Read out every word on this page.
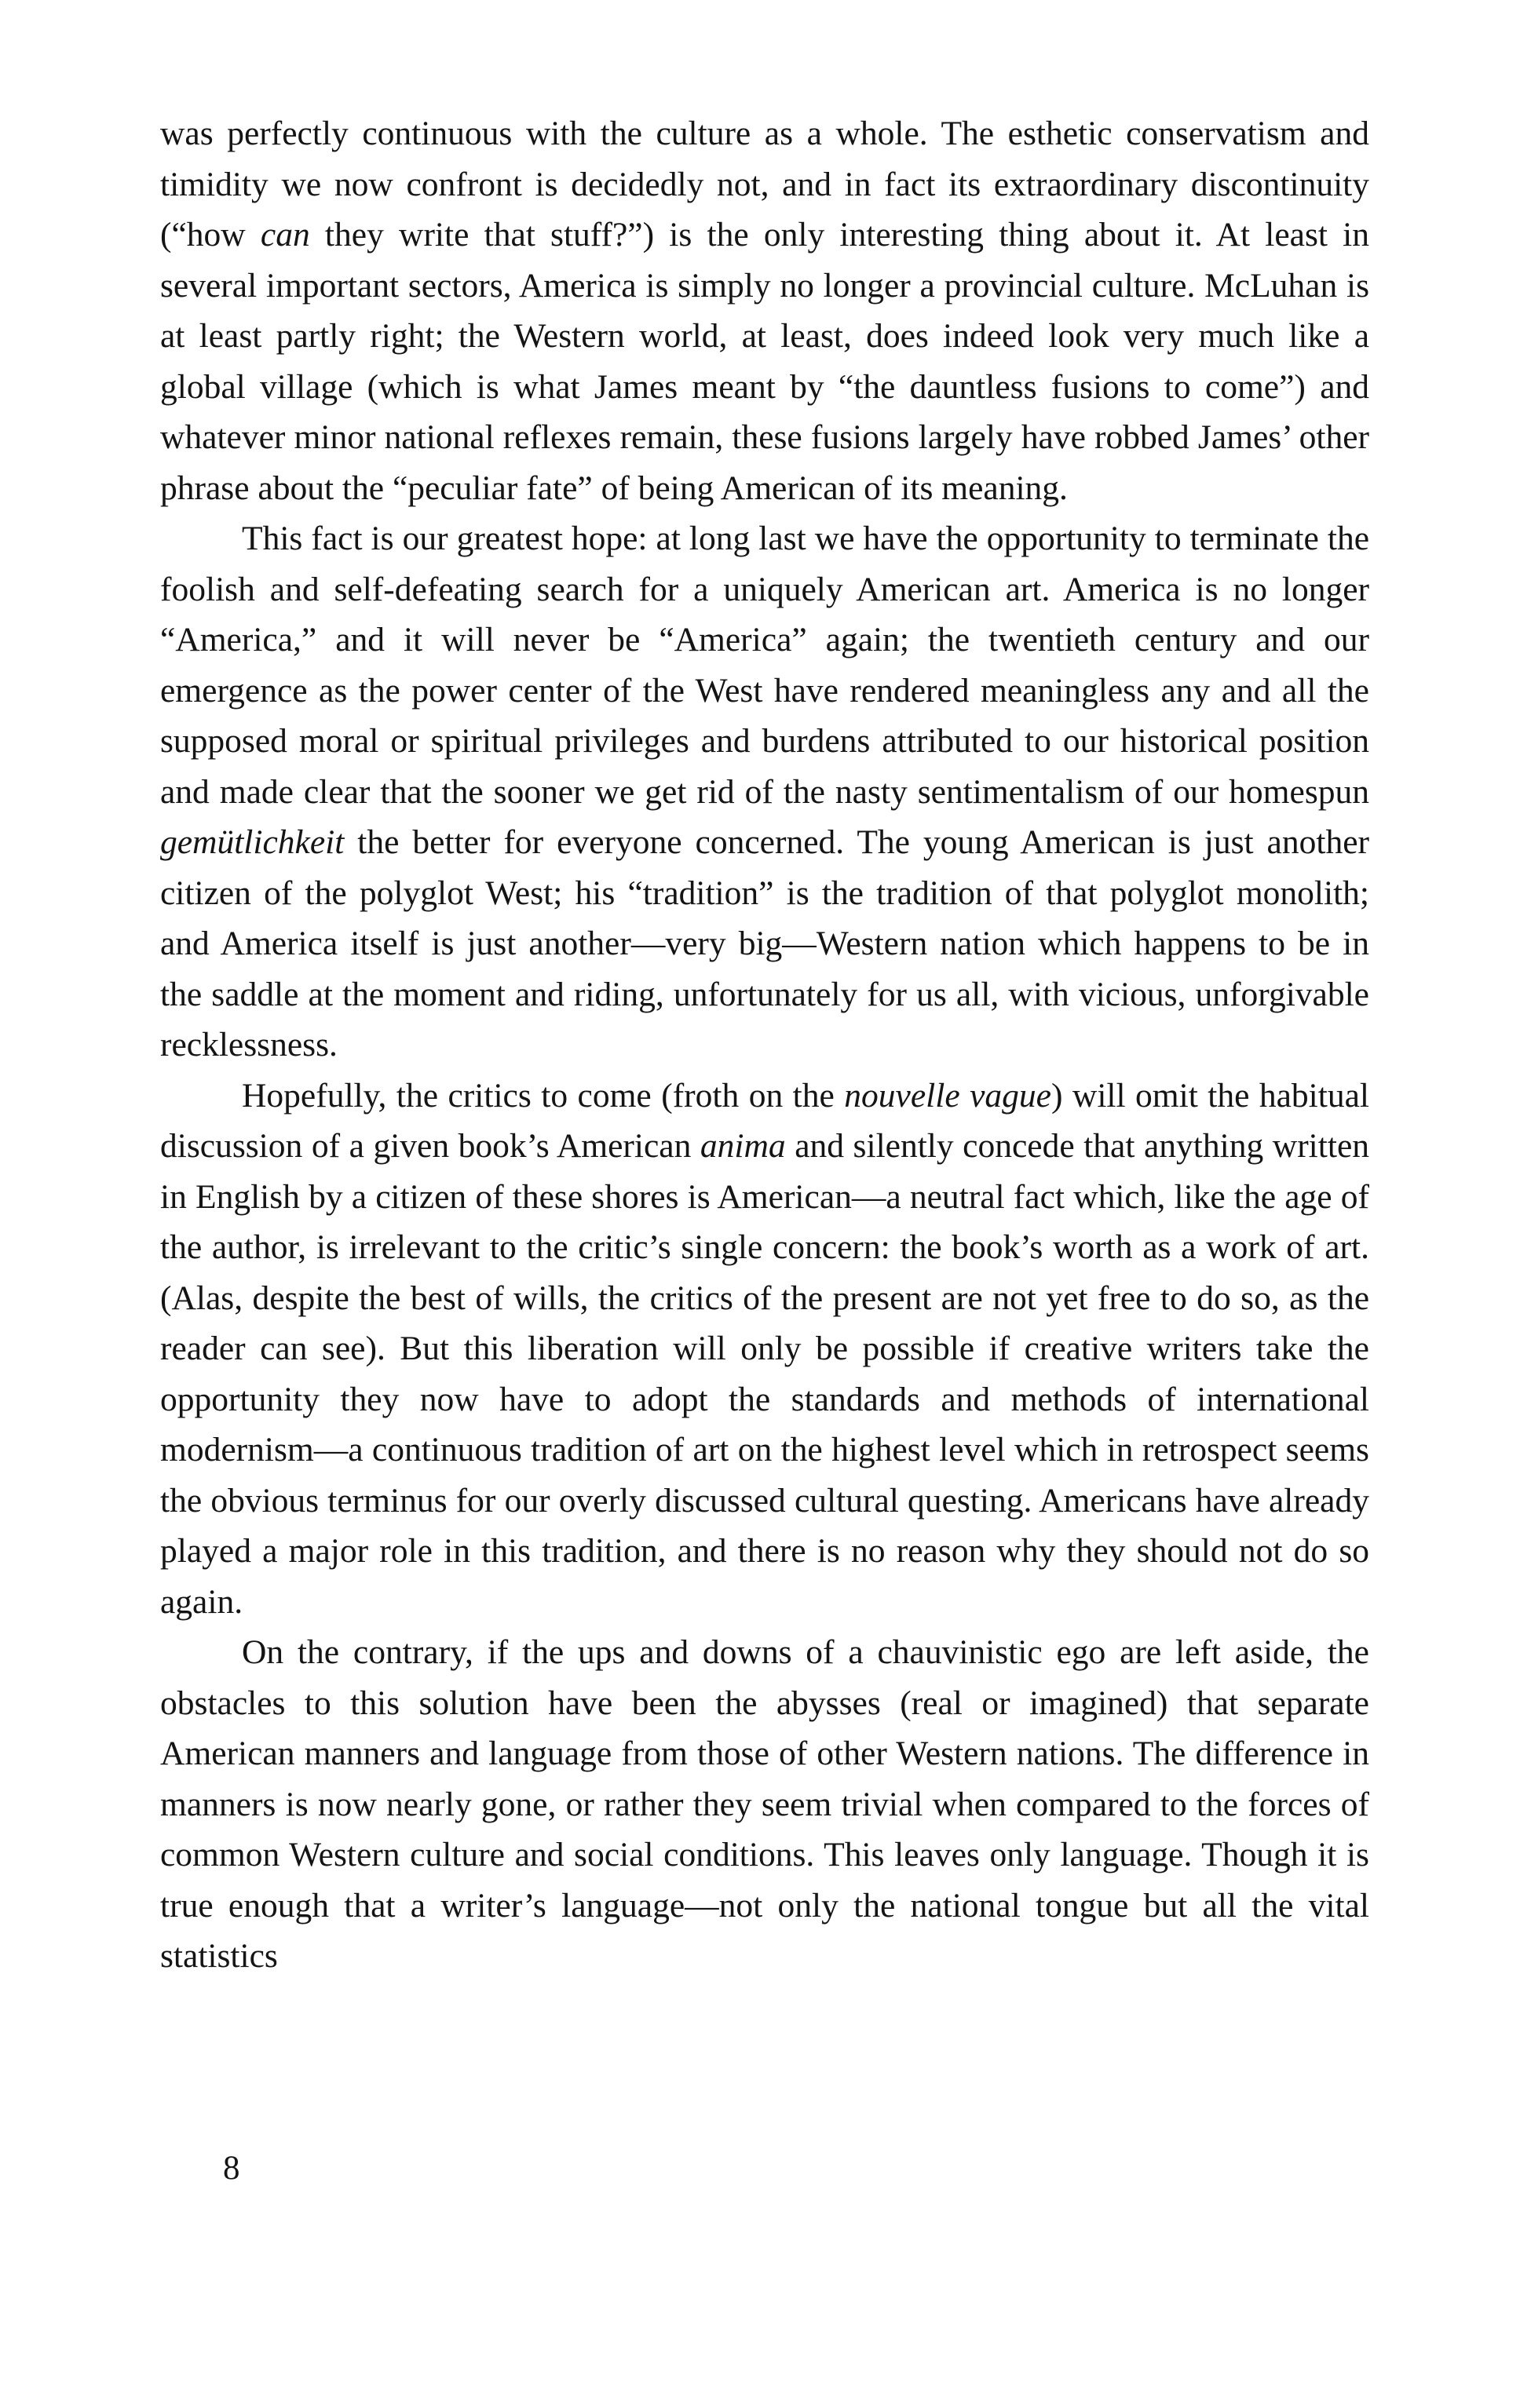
was perfectly continuous with the culture as a whole. The esthetic conservatism and timidity we now confront is decidedly not, and in fact its extraordinary discontinuity (“how can they write that stuff?”) is the only interesting thing about it. At least in several important sectors, America is simply no longer a provincial culture. McLuhan is at least partly right; the Western world, at least, does indeed look very much like a global village (which is what James meant by “the dauntless fusions to come”) and whatever minor national reflexes remain, these fusions largely have robbed James’ other phrase about the “peculiar fate” of being American of its meaning.

This fact is our greatest hope: at long last we have the opportunity to terminate the foolish and self-defeating search for a uniquely American art. America is no longer “America,” and it will never be “America” again; the twentieth century and our emergence as the power center of the West have rendered meaningless any and all the supposed moral or spiritual privileges and burdens attributed to our historical position and made clear that the sooner we get rid of the nasty sentimentalism of our homespun gemütlichkeit the better for everyone concerned. The young American is just another citizen of the polyglot West; his “tradition” is the tradition of that polyglot monolith; and America itself is just another—very big—Western nation which happens to be in the saddle at the moment and riding, unfortunately for us all, with vicious, unforgivable recklessness.

Hopefully, the critics to come (froth on the nouvelle vague) will omit the habitual discussion of a given book’s American anima and silently concede that anything written in English by a citizen of these shores is American—a neutral fact which, like the age of the author, is irrelevant to the critic’s single concern: the book’s worth as a work of art. (Alas, despite the best of wills, the critics of the present are not yet free to do so, as the reader can see). But this liberation will only be possible if creative writers take the opportunity they now have to adopt the standards and methods of international modernism—a continuous tradition of art on the highest level which in retrospect seems the obvious terminus for our overly discussed cultural questing. Americans have already played a major role in this tradition, and there is no reason why they should not do so again.

On the contrary, if the ups and downs of a chauvinistic ego are left aside, the obstacles to this solution have been the abysses (real or imagined) that separate American manners and language from those of other Western nations. The difference in manners is now nearly gone, or rather they seem trivial when compared to the forces of common Western culture and social conditions. This leaves only language. Though it is true enough that a writer’s language—not only the national tongue but all the vital statistics

8
